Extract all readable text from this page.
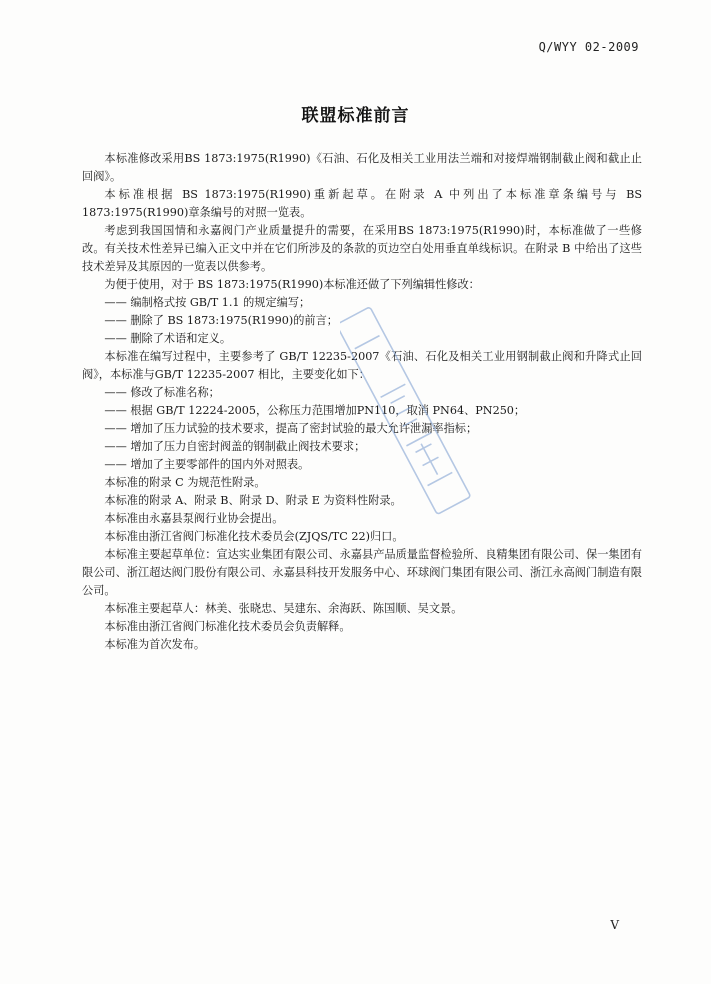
Q/WYY 02-2009
联盟标准前言

本标准修改采用BS 1873:1975(R1990)《石油、石化及相关工业用法兰端和对接焊端钢制截止阀和截止止回阀》。

本标准根据 BS 1873:1975(R1990)重新起草。在附录 A 中列出了本标准章条编号与 BS 1873:1975(R1990)章条编号的对照一览表。

考虑到我国国情和永嘉阀门产业质量提升的需要，在采用BS 1873:1975(R1990)时，本标准做了一些修改。有关技术性差异已编入正文中并在它们所涉及的条款的页边空白处用垂直单线标识。在附录 B 中给出了这些技术差异及其原因的一览表以供参考。

为便于使用，对于 BS 1873:1975(R1990)本标准还做了下列编辑性修改：

—— 编制格式按 GB/T 1.1 的规定编写；

—— 删除了 BS 1873:1975(R1990)的前言；

—— 删除了术语和定义。

本标准在编写过程中，主要参考了 GB/T 12235-2007《石油、石化及相关工业用钢制截止阀和升降式止回阀》，本标准与GB/T 12235-2007 相比，主要变化如下：

—— 修改了标准名称；

—— 根据 GB/T 12224-2005，公称压力范围增加PN110，取消 PN64、PN250；

—— 增加了压力试验的技术要求，提高了密封试验的最大允许泄漏率指标；

—— 增加了压力自密封阀盖的钢制截止阀技术要求；

—— 增加了主要零部件的国内外对照表。

本标准的附录 C 为规范性附录。

本标准的附录 A、附录 B、附录 D、附录 E 为资料性附录。

本标准由永嘉县泵阀行业协会提出。

本标准由浙江省阀门标准化技术委员会(ZJQS/TC 22)归口。

本标准主要起草单位：宣达实业集团有限公司、永嘉县产品质量监督检验所、良精集团有限公司、保一集团有限公司、浙江超达阀门股份有限公司、永嘉县科技开发服务中心、环球阀门集团有限公司、浙江永高阀门制造有限公司。

本标准主要起草人：林美、张晓忠、吴建东、余海跃、陈国顺、吴文景。

本标准由浙江省阀门标准化技术委员会负责解释。

本标准为首次发布。

V
